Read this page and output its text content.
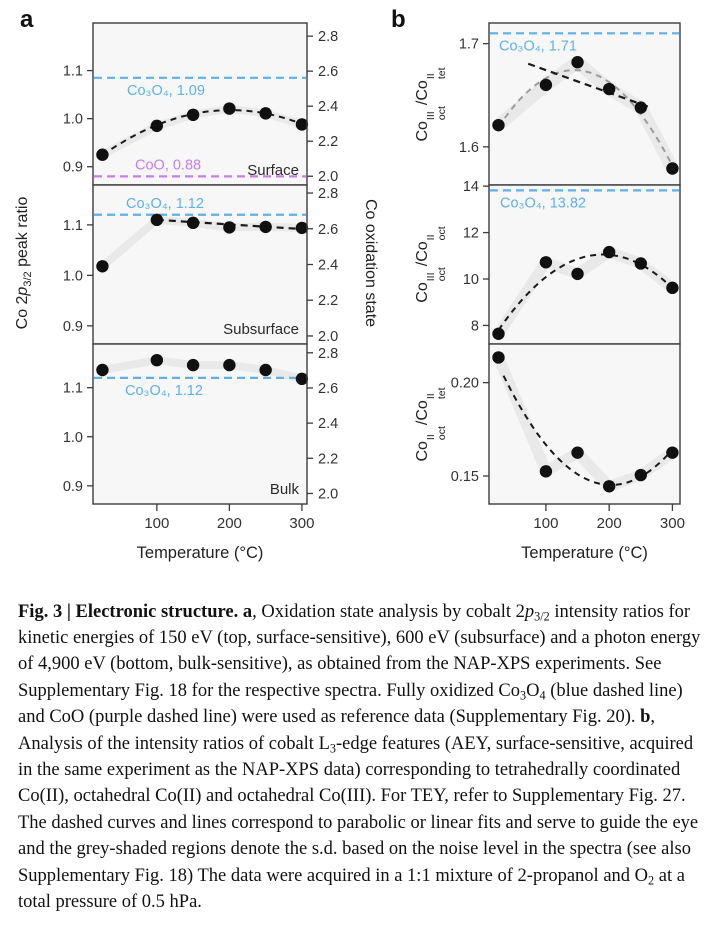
Co₃O₄, 1.09
CoO, 0.88
0.9
1.0
1.1
2.0
2.2
2.4
2.6
2.8
Surface
Co₃O₄, 1.12
0.9
1.0
1.1
2.0
2.2
2.4
2.6
2.8
Subsurface
Co₃O₄, 1.12
0.9
1.0
1.1
2.0
2.2
2.4
2.6
2.8
Bulk
100	200	300
Temperature (°C)
Co₃O₄, 1.71
1.6
1.7
Co₃O₄, 13.82
8
10
12
14
0.15
0.20
100	200	300
Temperature (°C)
a	b
Co $2p_{3/2}$ peak ratio	Co oxidation state
Co
III oct
/Co
II tet
Co
III oct
/Co
II oct
Co
II oct
/Co
II tet

Fig. 3 | Electronic structure. a, Oxidation state analysis by cobalt $2p_{3/2}$ intensity ratios for kinetic energies of 150 eV (top, surface-sensitive), 600 eV (subsurface) and a photon energy of 4,900 eV (bottom, bulk-sensitive), as obtained from the NAP-XPS experiments. See Supplementary Fig. 18 for the respective spectra. Fully oxidized $Co_3O_4$ (blue dashed line) and CoO (purple dashed line) were used as reference data (Supplementary Fig. 20). b, Analysis of the intensity ratios of cobalt $L_3$-edge features (AEY, surface-sensitive, acquired in the same experiment as the NAP-XPS data) corresponding to tetrahedrally coordinated Co(II), octahedral Co(II) and octahedral Co(III). For TEY, refer to Supplementary Fig. 27. The dashed curves and lines correspond to parabolic or linear fits and serve to guide the eye and the grey-shaded regions denote the s.d. based on the noise level in the spectra (see also Supplementary Fig. 18) The data were acquired in a 1:1 mixture of 2-propanol and $O_2$ at a total pressure of 0.5 hPa.
